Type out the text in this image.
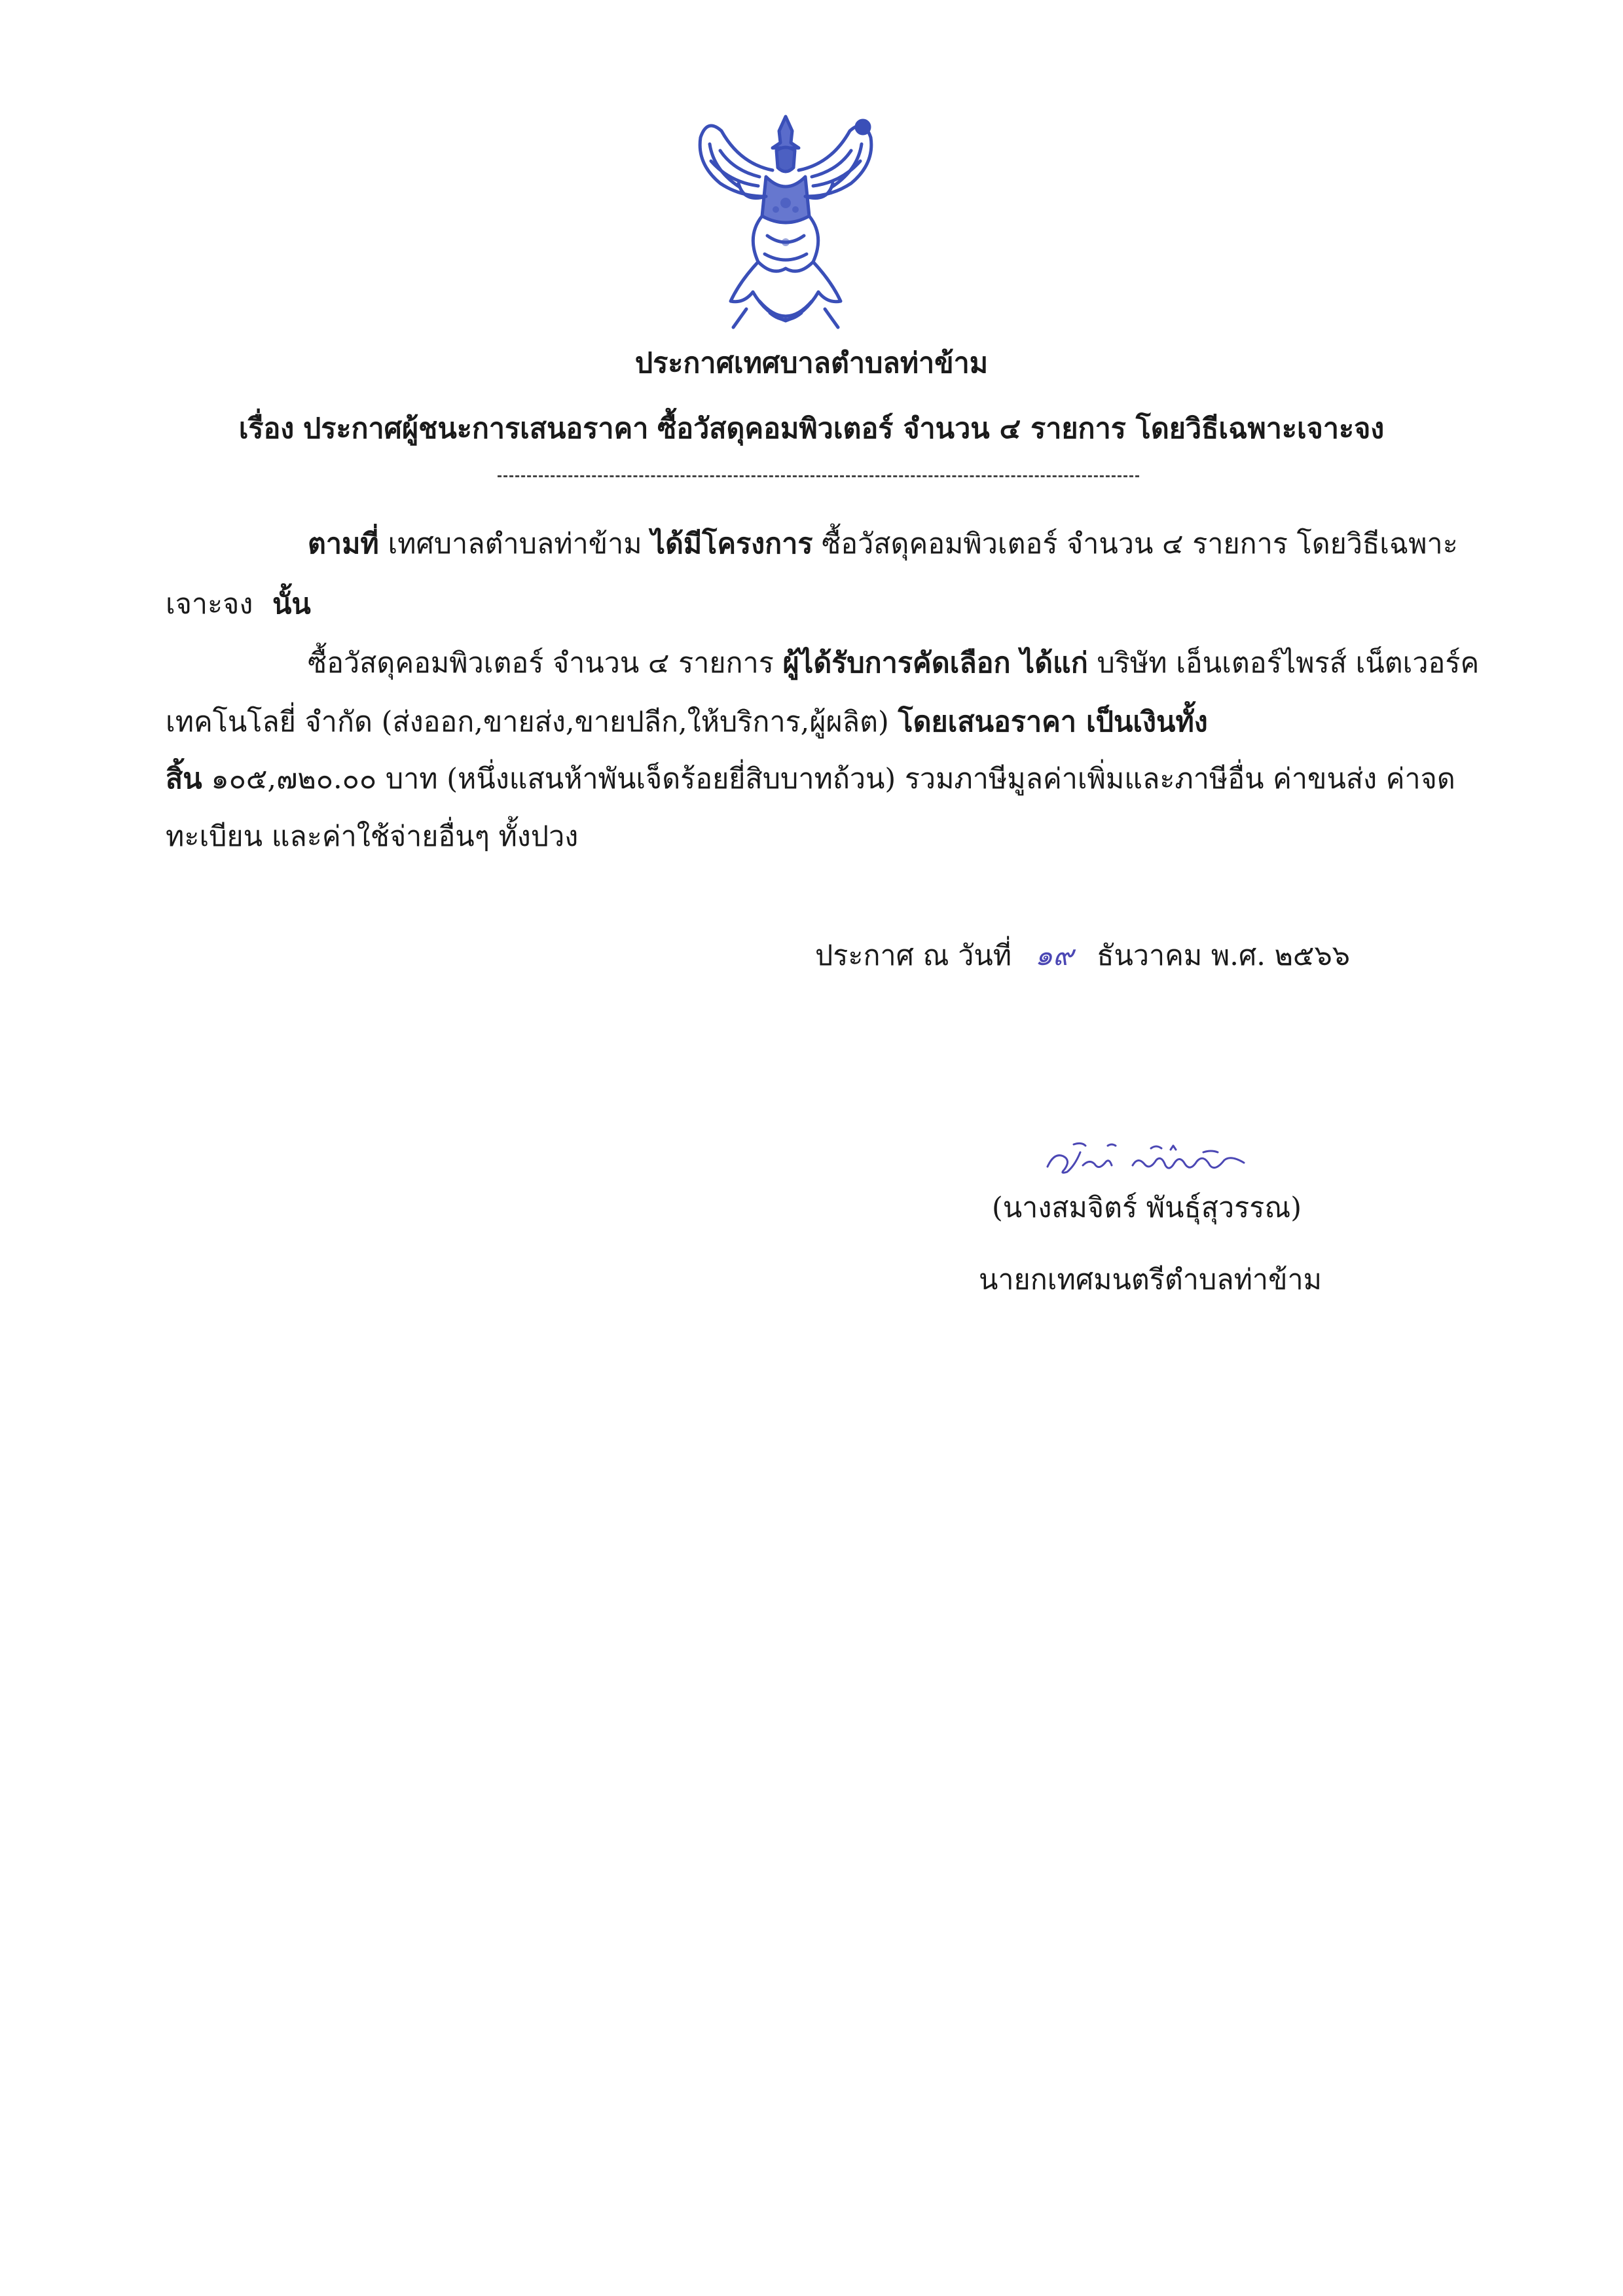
ประกาศเทศบาลตำบลท่าข้าม
เรื่อง ประกาศผู้ชนะการเสนอราคา ซื้อวัสดุคอมพิวเตอร์ จำนวน ๔ รายการ โดยวิธีเฉพาะเจาะจง
ตามที่ เทศบาลตำบลท่าข้าม ได้มีโครงการ ซื้อวัสดุคอมพิวเตอร์ จำนวน ๔ รายการ โดยวิธีเฉพาะ
เจาะจง นั้น
ซื้อวัสดุคอมพิวเตอร์ จำนวน ๔ รายการ ผู้ได้รับการคัดเลือก ได้แก่ บริษัท เอ็นเตอร์ไพรส์ เน็ตเวอร์ค
เทคโนโลยี่ จำกัด (ส่งออก,ขายส่ง,ขายปลีก,ให้บริการ,ผู้ผลิต) โดยเสนอราคา เป็นเงินทั้ง
สิ้น ๑๐๕,๗๒๐.๐๐ บาท (หนึ่งแสนห้าพันเจ็ดร้อยยี่สิบบาทถ้วน) รวมภาษีมูลค่าเพิ่มและภาษีอื่น ค่าขนส่ง ค่าจด
ทะเบียน และค่าใช้จ่ายอื่นๆ ทั้งปวง
ประกาศ ณ วันที่ ๑๙ ธันวาคม พ.ศ. ๒๕๖๖
(นางสมจิตร์ พันธุ์สุวรรณ)
นายกเทศมนตรีตำบลท่าข้าม
